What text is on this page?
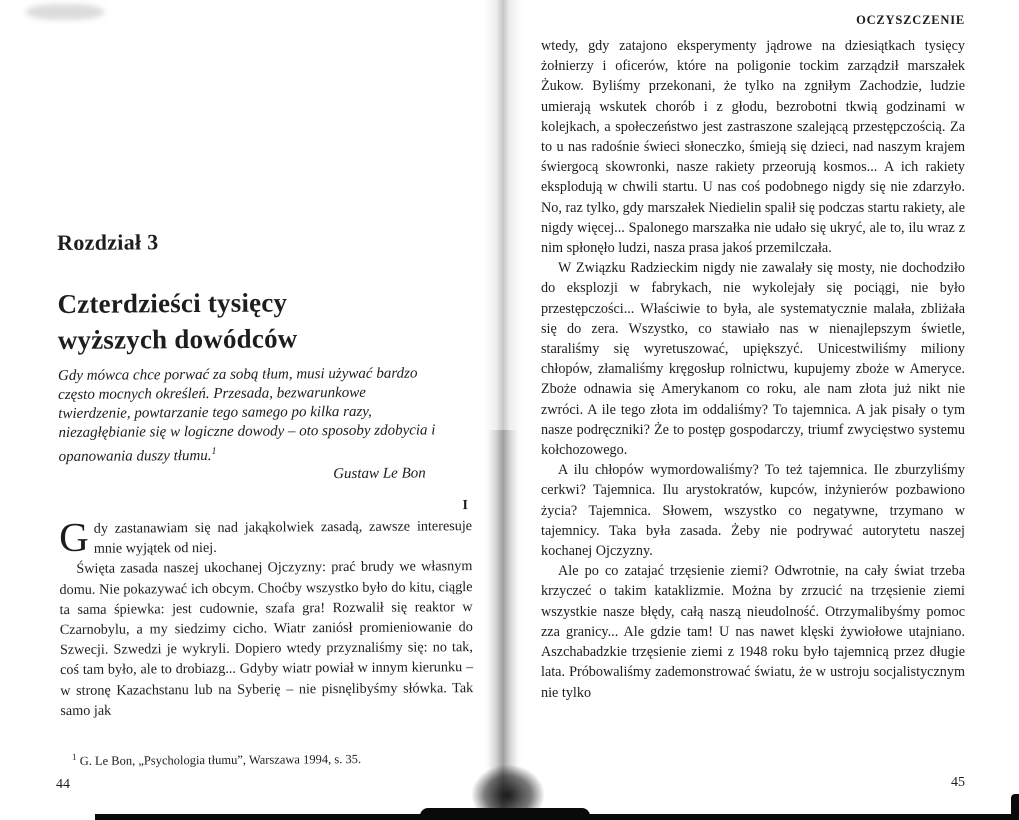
OCZYSZCZENIE
Rozdział 3
Czterdzieści tysięcy
wyższych dowódców

Gdy mówca chce porwać za sobą tłum, musi używać bardzo często mocnych określeń. Przesada, bezwarunkowe twierdzenie, powtarzanie tego samego po kilka razy, niezagłębianie się w logiczne dowody – oto sposoby zdobycia i opanowania duszy tłumu.$^1$

Gustaw Le Bon

I

Gdy zastanawiam się nad jakąkolwiek zasadą, zawsze interesuje mnie wyjątek od niej.

Święta zasada naszej ukochanej Ojczyzny: prać brudy we własnym domu. Nie pokazywać ich obcym. Choćby wszystko było do kitu, ciągle ta sama śpiewka: jest cudownie, szafa gra! Rozwalił się reaktor w Czarnobylu, a my siedzimy cicho. Wiatr zaniósł promieniowanie do Szwecji. Szwedzi je wykryli. Dopiero wtedy przyznaliśmy się: no tak, coś tam było, ale to drobiazg... Gdyby wiatr powiał w innym kierunku – w stronę Kazachstanu lub na Syberię – nie pisnęlibyśmy słówka. Tak samo jak

$^1$ G. Le Bon, „Psychologia tłumu”, Warszawa 1994, s. 35.

wtedy, gdy zatajono eksperymenty jądrowe na dziesiątkach tysięcy żołnierzy i oficerów, które na poligonie tockim zarządził marszałek Żukow. Byliśmy przekonani, że tylko na zgniłym Zachodzie, ludzie umierają wskutek chorób i z głodu, bezrobotni tkwią godzinami w kolejkach, a społeczeństwo jest zastraszone szalejącą przestępczością. Za to u nas radośnie świeci słoneczko, śmieją się dzieci, nad naszym krajem świergocą skowronki, nasze rakiety przeorują kosmos... A ich rakiety eksplodują w chwili startu. U nas coś podobnego nigdy się nie zdarzyło. No, raz tylko, gdy marszałek Niedielin spalił się podczas startu rakiety, ale nigdy więcej... Spalonego marszałka nie udało się ukryć, ale to, ilu wraz z nim spłonęło ludzi, nasza prasa jakoś przemilczała.

W Związku Radzieckim nigdy nie zawalały się mosty, nie dochodziło do eksplozji w fabrykach, nie wykolejały się pociągi, nie było przestępczości... Właściwie to była, ale systematycznie malała, zbliżała się do zera. Wszystko, co stawiało nas w nienajlepszym świetle, staraliśmy się wyretuszować, upiększyć. Unicestwiliśmy miliony chłopów, złamaliśmy kręgosłup rolnictwu, kupujemy zboże w Ameryce. Zboże odnawia się Amerykanom co roku, ale nam złota już nikt nie zwróci. A ile tego złota im oddaliśmy? To tajemnica. A jak pisały o tym nasze podręczniki? Że to postęp gospodarczy, triumf zwycięstwo systemu kołchozowego.

A ilu chłopów wymordowaliśmy? To też tajemnica. Ile zburzyliśmy cerkwi? Tajemnica. Ilu arystokratów, kupców, inżynierów pozbawiono życia? Tajemnica. Słowem, wszystko co negatywne, trzymano w tajemnicy. Taka była zasada. Żeby nie podrywać autorytetu naszej kochanej Ojczyzny.

Ale po co zatajać trzęsienie ziemi? Odwrotnie, na cały świat trzeba krzyczeć o takim kataklizmie. Można by zrzucić na trzęsienie ziemi wszystkie nasze błędy, całą naszą nieudolność. Otrzymalibyśmy pomoc zza granicy... Ale gdzie tam! U nas nawet klęski żywiołowe utajniano. Aszchabadzkie trzęsienie ziemi z 1948 roku było tajemnicą przez długie lata. Próbowaliśmy zademonstrować światu, że w ustroju socjalistycznym nie tylko

44	45
